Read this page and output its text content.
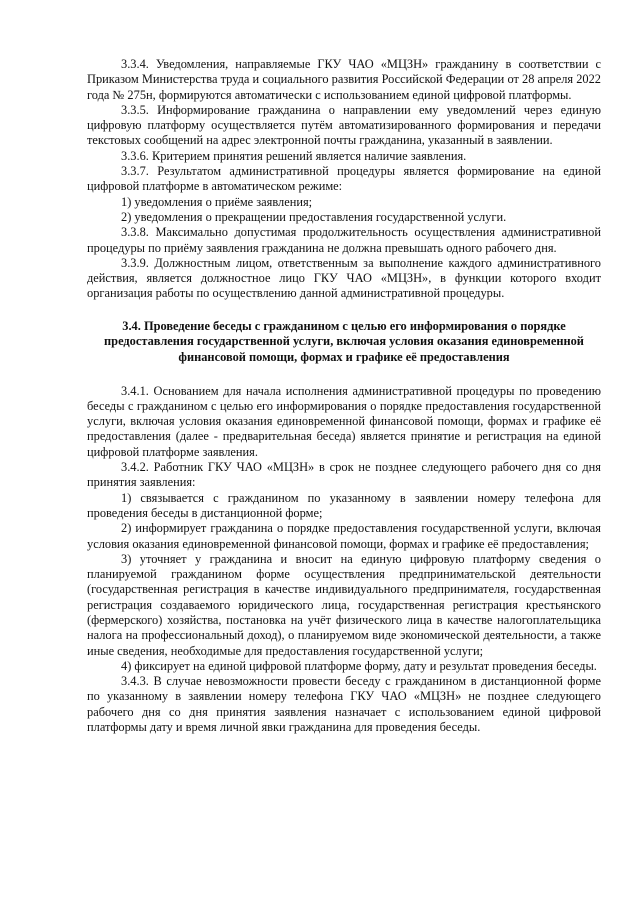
3.3.4. Уведомления, направляемые ГКУ ЧАО «МЦЗН» гражданину в соответствии с Приказом Министерства труда и социального развития Российской Федерации от 28 апреля 2022 года № 275н, формируются автоматически с использованием единой цифровой платформы.

3.3.5. Информирование гражданина о направлении ему уведомлений через единую цифровую платформу осуществляется путём автоматизированного формирования и передачи текстовых сообщений на адрес электронной почты гражданина, указанный в заявлении.

3.3.6. Критерием принятия решений является наличие заявления.

3.3.7. Результатом административной процедуры является формирование на единой цифровой платформе в автоматическом режиме:

1) уведомления о приёме заявления;

2) уведомления о прекращении предоставления государственной услуги.

3.3.8. Максимально допустимая продолжительность осуществления административной процедуры по приёму заявления гражданина не должна превышать одного рабочего дня.

3.3.9. Должностным лицом, ответственным за выполнение каждого административного действия, является должностное лицо ГКУ ЧАО «МЦЗН», в функции которого входит организация работы по осуществлению данной административной процедуры.

3.4. Проведение беседы с гражданином с целью его информирования о порядке предоставления государственной услуги, включая условия оказания единовременной финансовой помощи, формах и графике её предоставления

3.4.1. Основанием для начала исполнения административной процедуры по проведению беседы с гражданином с целью его информирования о порядке предоставления государственной услуги, включая условия оказания единовременной финансовой помощи, формах и графике её предоставления (далее - предварительная беседа) является принятие и регистрация на единой цифровой платформе заявления.

3.4.2. Работник ГКУ ЧАО «МЦЗН» в срок не позднее следующего рабочего дня со дня принятия заявления:

1) связывается с гражданином по указанному в заявлении номеру телефона для проведения беседы в дистанционной форме;

2) информирует гражданина о порядке предоставления государственной услуги, включая условия оказания единовременной финансовой помощи, формах и графике её предоставления;

3) уточняет у гражданина и вносит на единую цифровую платформу сведения о планируемой гражданином форме осуществления предпринимательской деятельности (государственная регистрация в качестве индивидуального предпринимателя, государственная регистрация создаваемого юридического лица, государственная регистрация крестьянского (фермерского) хозяйства, постановка на учёт физического лица в качестве налогоплательщика налога на профессиональный доход), о планируемом виде экономической деятельности, а также иные сведения, необходимые для предоставления государственной услуги;

4) фиксирует на единой цифровой платформе форму, дату и результат проведения беседы.

3.4.3. В случае невозможности провести беседу с гражданином в дистанционной форме по указанному в заявлении номеру телефона ГКУ ЧАО «МЦЗН» не позднее следующего рабочего дня со дня принятия заявления назначает с использованием единой цифровой платформы дату и время личной явки гражданина для проведения беседы.
